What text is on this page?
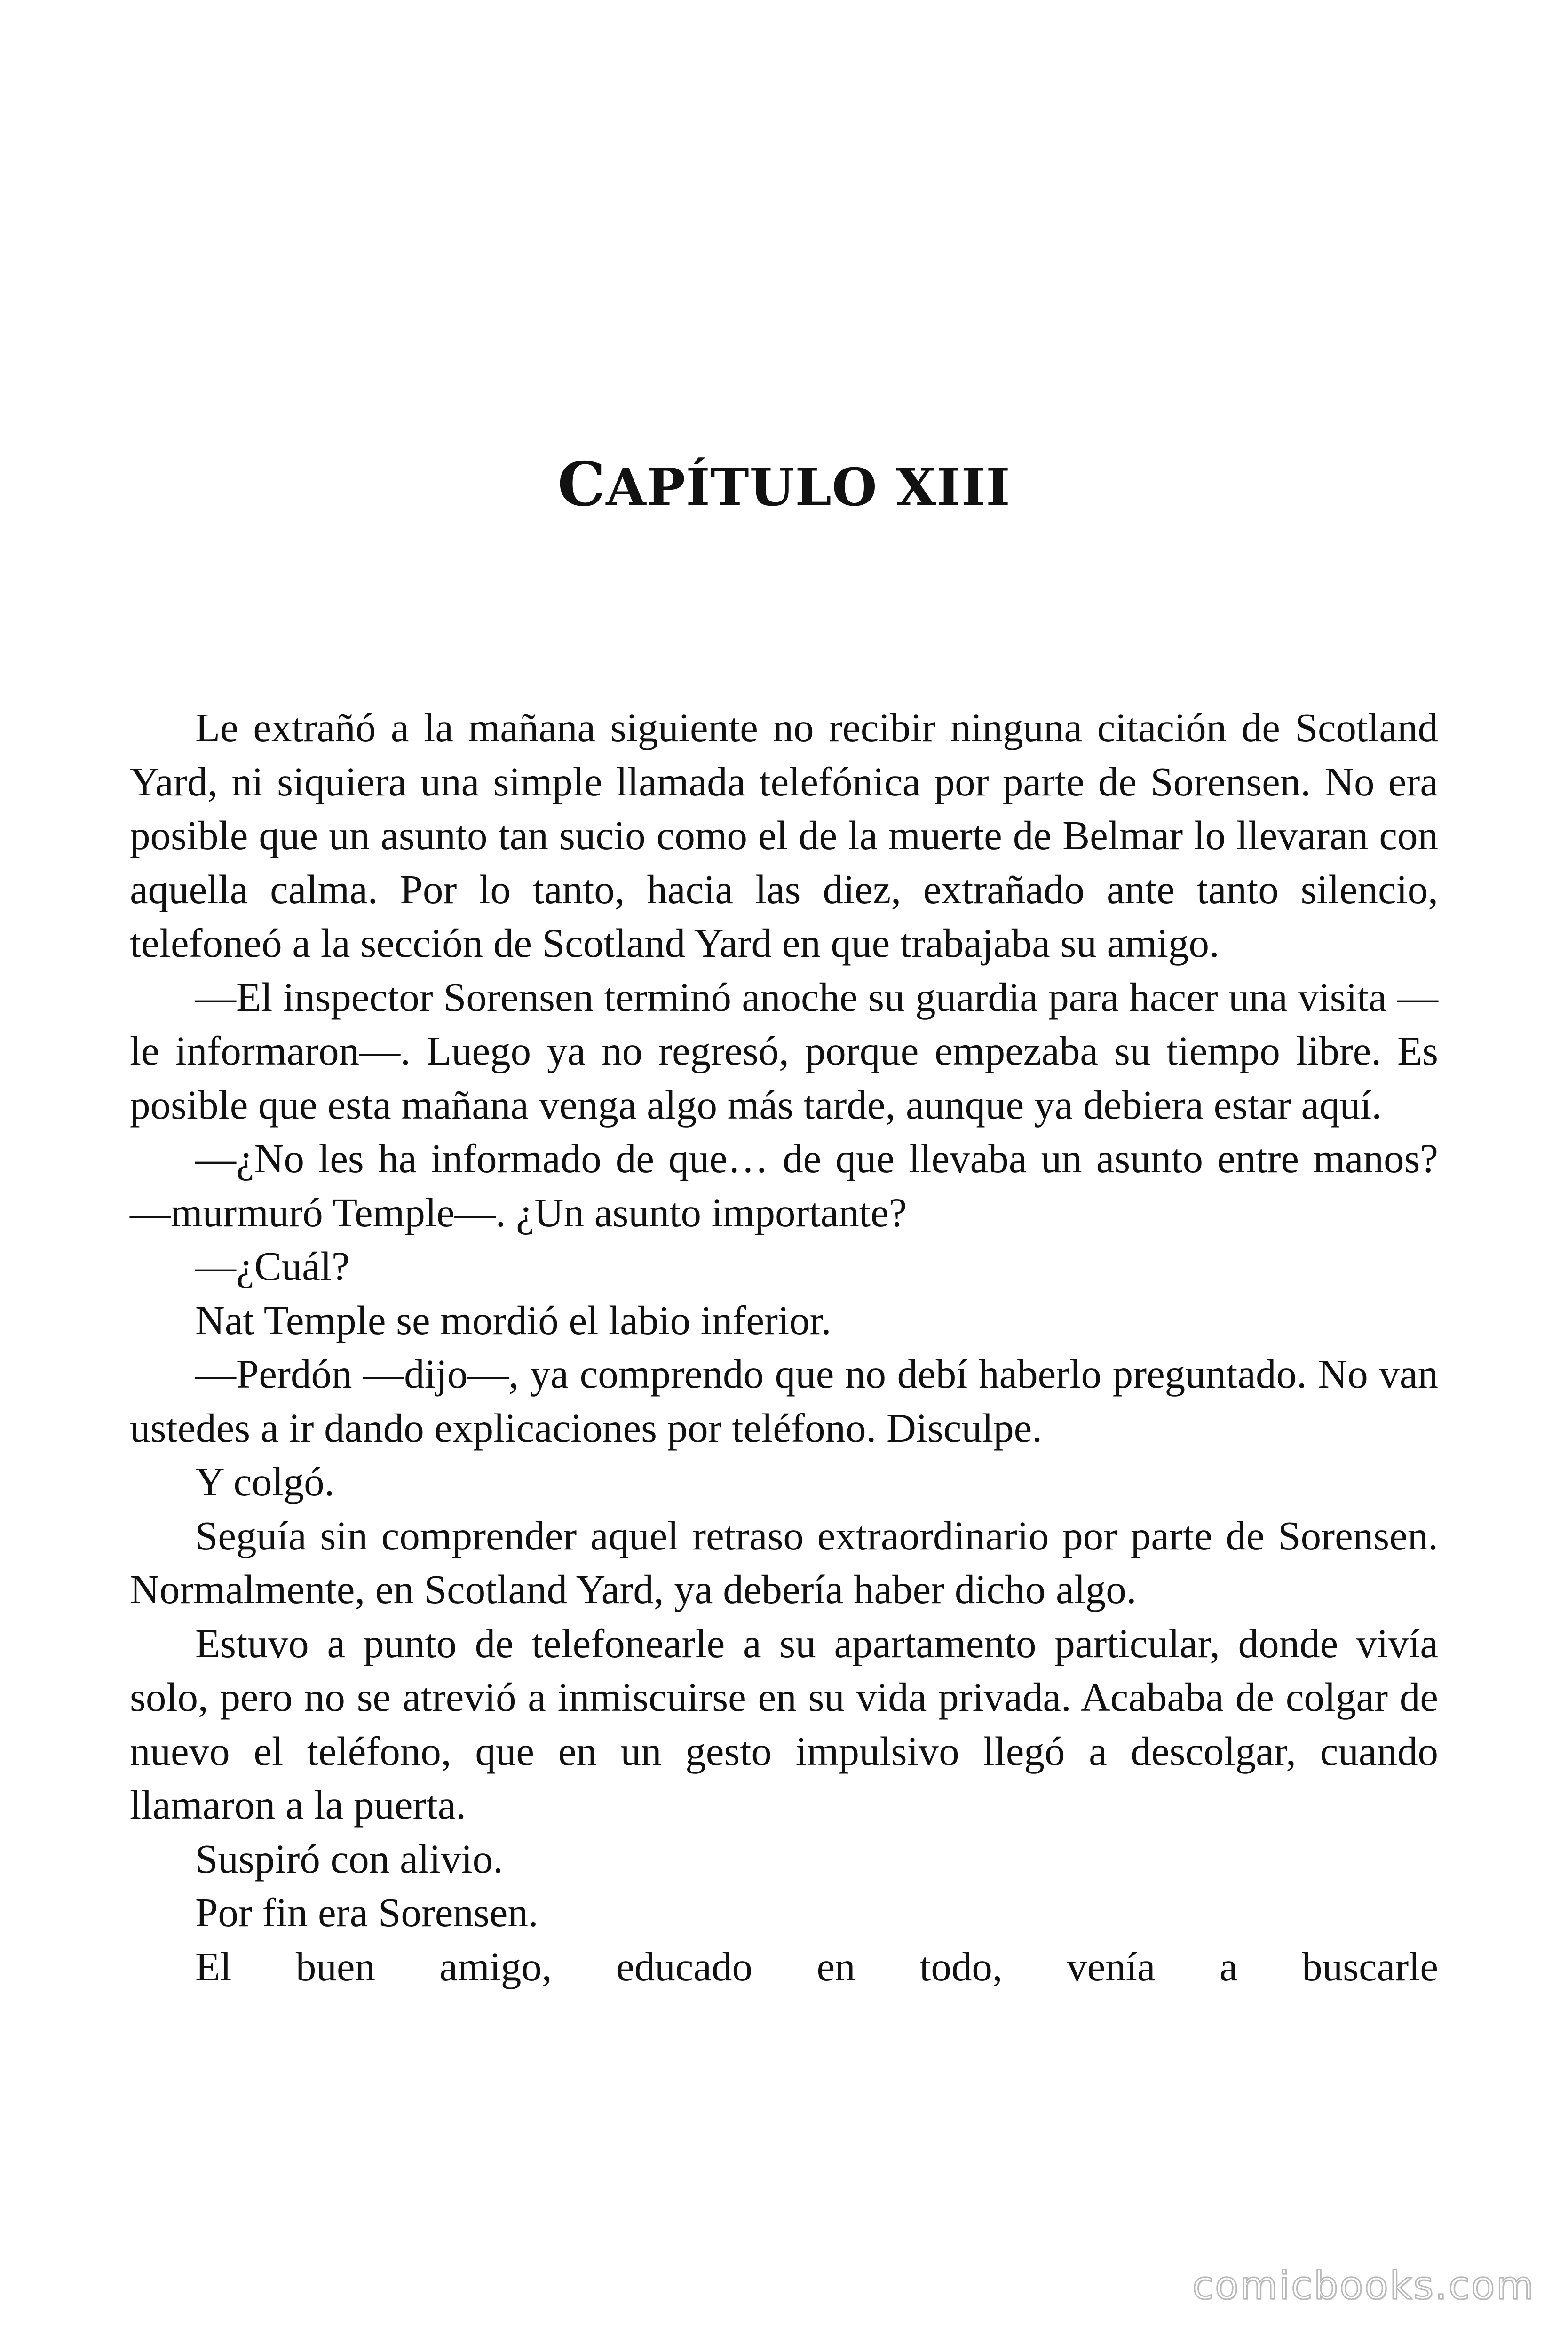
CAPÍTULO XIII

Le extrañó a la mañana siguiente no recibir ninguna citación de Scotland Yard, ni siquiera una simple llamada telefónica por parte de Sorensen. No era posible que un asunto tan sucio como el de la muerte de Belmar lo llevaran con aquella calma. Por lo tanto, hacia las diez, extrañado ante tanto silencio, telefoneó a la sección de Scotland Yard en que trabajaba su amigo.

—El inspector Sorensen terminó anoche su guardia para hacer una visita —le informaron—. Luego ya no regresó, porque empezaba su tiempo libre. Es posible que esta mañana venga algo más tarde, aunque ya debiera estar aquí.

—¿No les ha informado de que… de que llevaba un asunto entre manos? —murmuró Temple—. ¿Un asunto importante?

—¿Cuál?

Nat Temple se mordió el labio inferior.

—Perdón —dijo—, ya comprendo que no debí haberlo preguntado. No van ustedes a ir dando explicaciones por teléfono. Disculpe.

Y colgó.

Seguía sin comprender aquel retraso extraordinario por parte de Sorensen. Normalmente, en Scotland Yard, ya debería haber dicho algo.

Estuvo a punto de telefonearle a su apartamento particular, donde vivía solo, pero no se atrevió a inmiscuirse en su vida privada. Acababa de colgar de nuevo el teléfono, que en un gesto impulsivo llegó a descolgar, cuando llamaron a la puerta.

Suspiró con alivio.

Por fin era Sorensen.

El buen amigo, educado en todo, venía a buscarle

comicbooks.com
